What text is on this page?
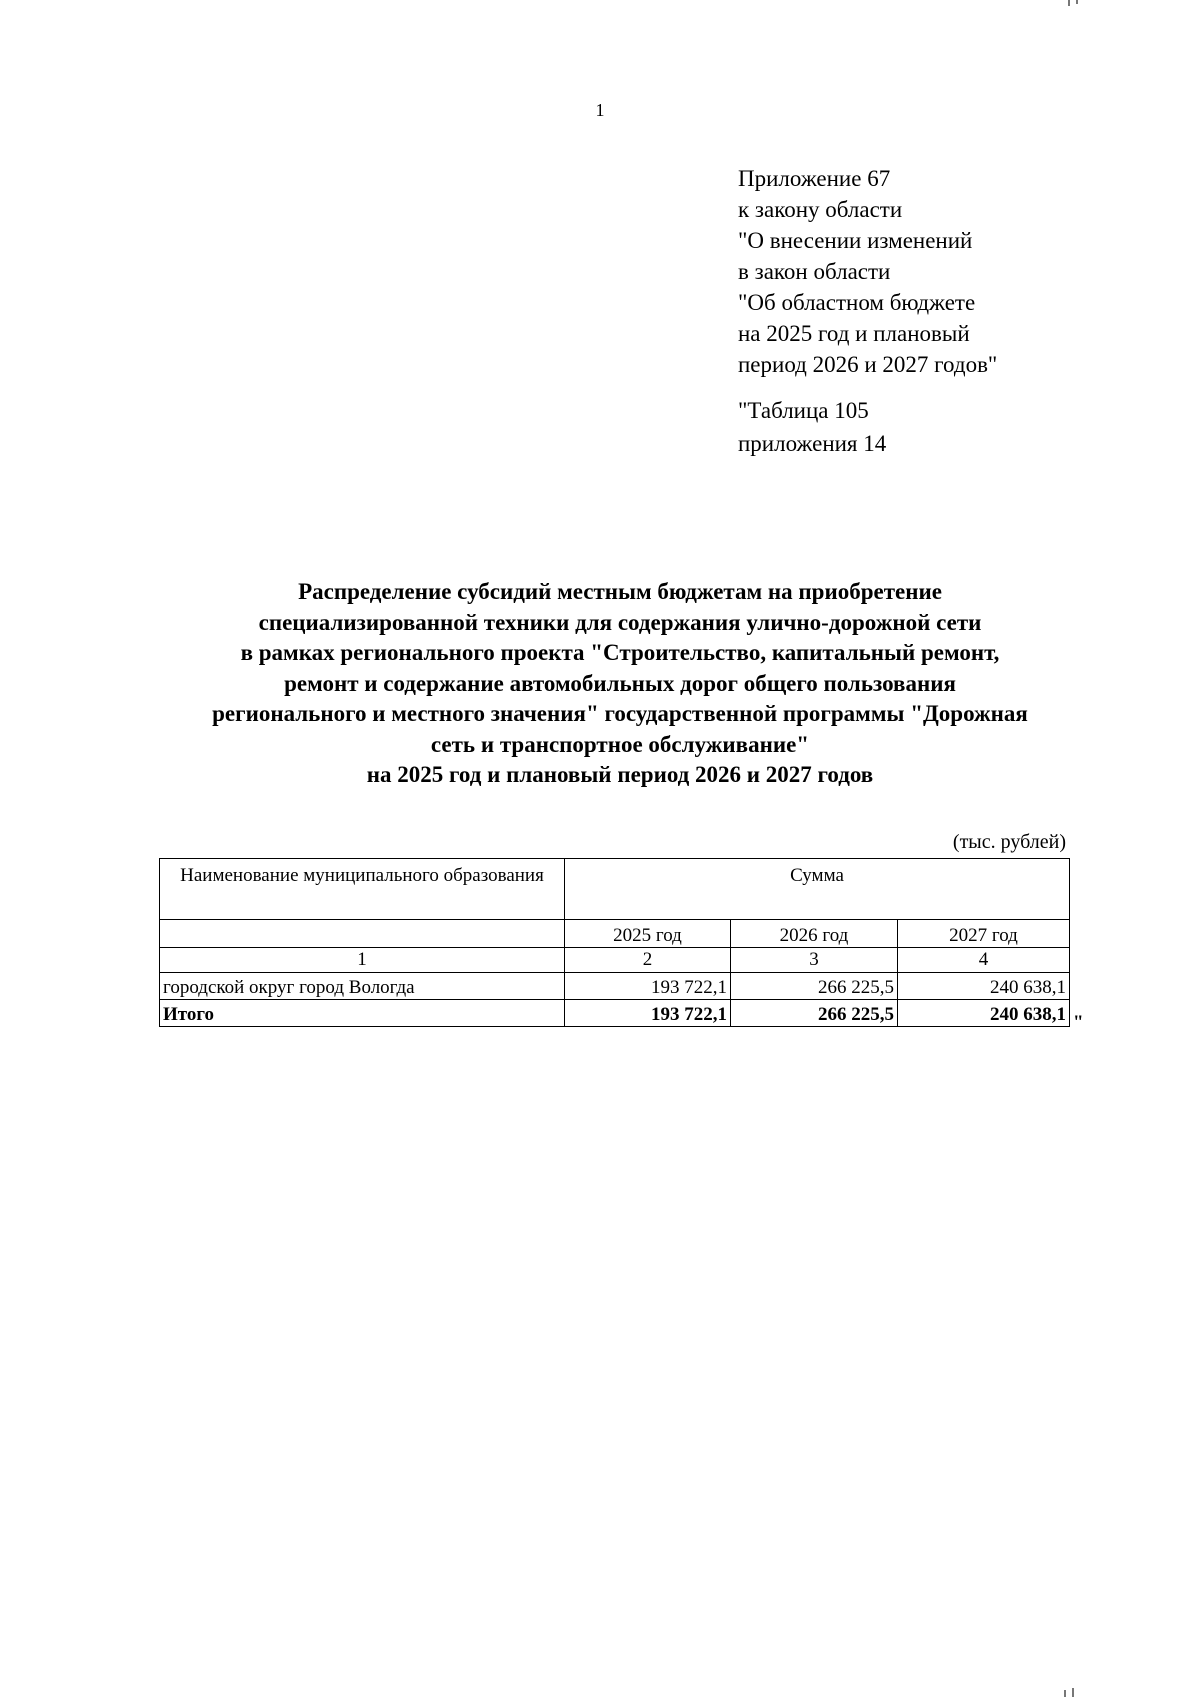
1
Приложение 67
к закону области
"О внесении изменений
в закон области
"Об областном бюджете
на 2025 год и плановый
период 2026 и 2027 годов"
"Таблица 105
приложения 14
Распределение субсидий местным бюджетам на приобретение
специализированной техники для содержания улично-дорожной сети
в рамках регионального проекта "Строительство, капитальный ремонт,
ремонт и содержание автомобильных дорог общего пользования
регионального и местного значения" государственной программы "Дорожная
сеть и транспортное обслуживание"
на 2025 год и плановый период 2026 и 2027 годов
(тыс. рублей)
Наименование муниципального образования	Сумма		
	2025 год	2026 год	2027 год
1	2	3	4
городской округ город Вологда	193 722,1	266 225,5	240 638,1
Итого	193 722,1	266 225,5	240 638,1 "
